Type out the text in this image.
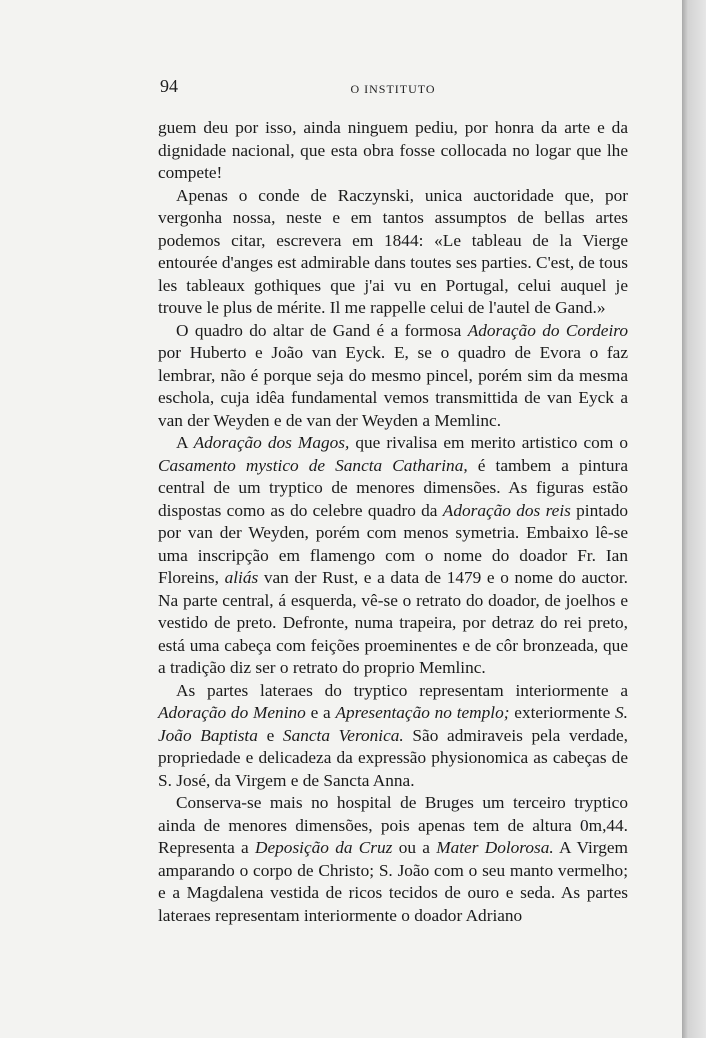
94	O INSTITUTO

guem deu por isso, ainda ninguem pediu, por honra da arte e da dignidade nacional, que esta obra fosse collocada no logar que lhe compete!

Apenas o conde de Raczynski, unica auctoridade que, por vergonha nossa, neste e em tantos assumptos de bellas artes podemos citar, escrevera em 1844: «Le tableau de la Vierge entourée d'anges est admirable dans toutes ses parties. C'est, de tous les tableaux gothiques que j'ai vu en Portugal, celui auquel je trouve le plus de mérite. Il me rappelle celui de l'autel de Gand.»

O quadro do altar de Gand é a formosa Adoração do Cordeiro por Huberto e João van Eyck. E, se o quadro de Evora o faz lembrar, não é porque seja do mesmo pincel, porém sim da mesma eschola, cuja idêa fundamental vemos transmittida de van Eyck a van der Weyden e de van der Weyden a Memlinc.

A Adoração dos Magos, que rivalisa em merito artistico com o Casamento mystico de Sancta Catharina, é tambem a pintura central de um tryptico de menores dimensões. As figuras estão dispostas como as do celebre quadro da Adoração dos reis pintado por van der Weyden, porém com menos symetria. Embaixo lê-se uma inscripção em flamengo com o nome do doador Fr. Ian Floreins, aliás van der Rust, e a data de 1479 e o nome do auctor. Na parte central, á esquerda, vê-se o retrato do doador, de joelhos e vestido de preto. Defronte, numa trapeira, por detraz do rei preto, está uma cabeça com feições proeminentes e de côr bronzeada, que a tradição diz ser o retrato do proprio Memlinc.

As partes lateraes do tryptico representam interiormente a Adoração do Menino e a Apresentação no templo; exteriormente S. João Baptista e Sancta Veronica. São admiraveis pela verdade, propriedade e delicadeza da expressão physionomica as cabeças de S. José, da Virgem e de Sancta Anna.

Conserva-se mais no hospital de Bruges um terceiro tryptico ainda de menores dimensões, pois apenas tem de altura 0m,44. Representa a Deposição da Cruz ou a Mater Dolorosa. A Virgem amparando o corpo de Christo; S. João com o seu manto vermelho; e a Magdalena vestida de ricos tecidos de ouro e seda. As partes lateraes representam interiormente o doador Adriano
